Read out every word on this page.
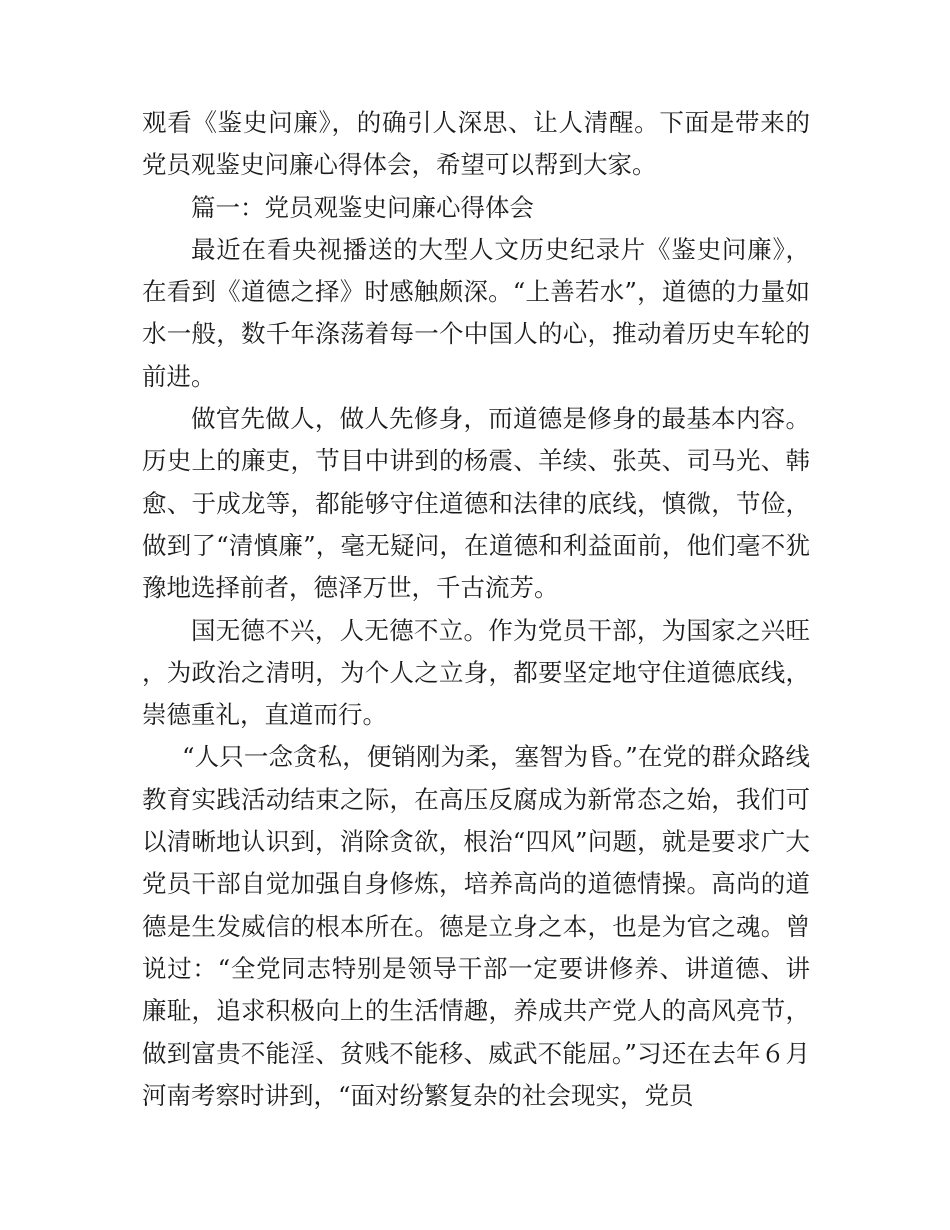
观看《鉴史问廉》，的确引人深思、让人清醒。下面是带来的党员观鉴史问廉心得体会，希望可以帮到大家。

篇一：党员观鉴史问廉心得体会

最近在看央视播送的大型人文历史纪录片《鉴史问廉》，在看到《道德之择》时感触颇深。“上善若水”，道德的力量如水一般，数千年涤荡着每一个中国人的心，推动着历史车轮的前进。

做官先做人，做人先修身，而道德是修身的最基本内容。历史上的廉吏，节目中讲到的杨震、羊续、张英、司马光、韩愈、于成龙等，都能够守住道德和法律的底线，慎微，节俭，做到了“清慎廉”，毫无疑问，在道德和利益面前，他们毫不犹豫地选择前者，德泽万世，千古流芳。

国无德不兴，人无德不立。作为党员干部，为国家之兴旺，为政治之清明，为个人之立身，都要坚定地守住道德底线，崇德重礼，直道而行。

“人只一念贪私，便销刚为柔，塞智为昏。”在党的群众路线教育实践活动结束之际，在高压反腐成为新常态之始，我们可以清晰地认识到，消除贪欲，根治“四风”问题，就是要求广大党员干部自觉加强自身修炼，培养高尚的道德情操。高尚的道德是生发威信的根本所在。德是立身之本，也是为官之魂。曾说过：“全党同志特别是领导干部一定要讲修养、讲道德、讲廉耻，追求积极向上的生活情趣，养成共产党人的高风亮节，做到富贵不能淫、贫贱不能移、威武不能屈。”习还在去年６月河南考察时讲到，“面对纷繁复杂的社会现实，党员
